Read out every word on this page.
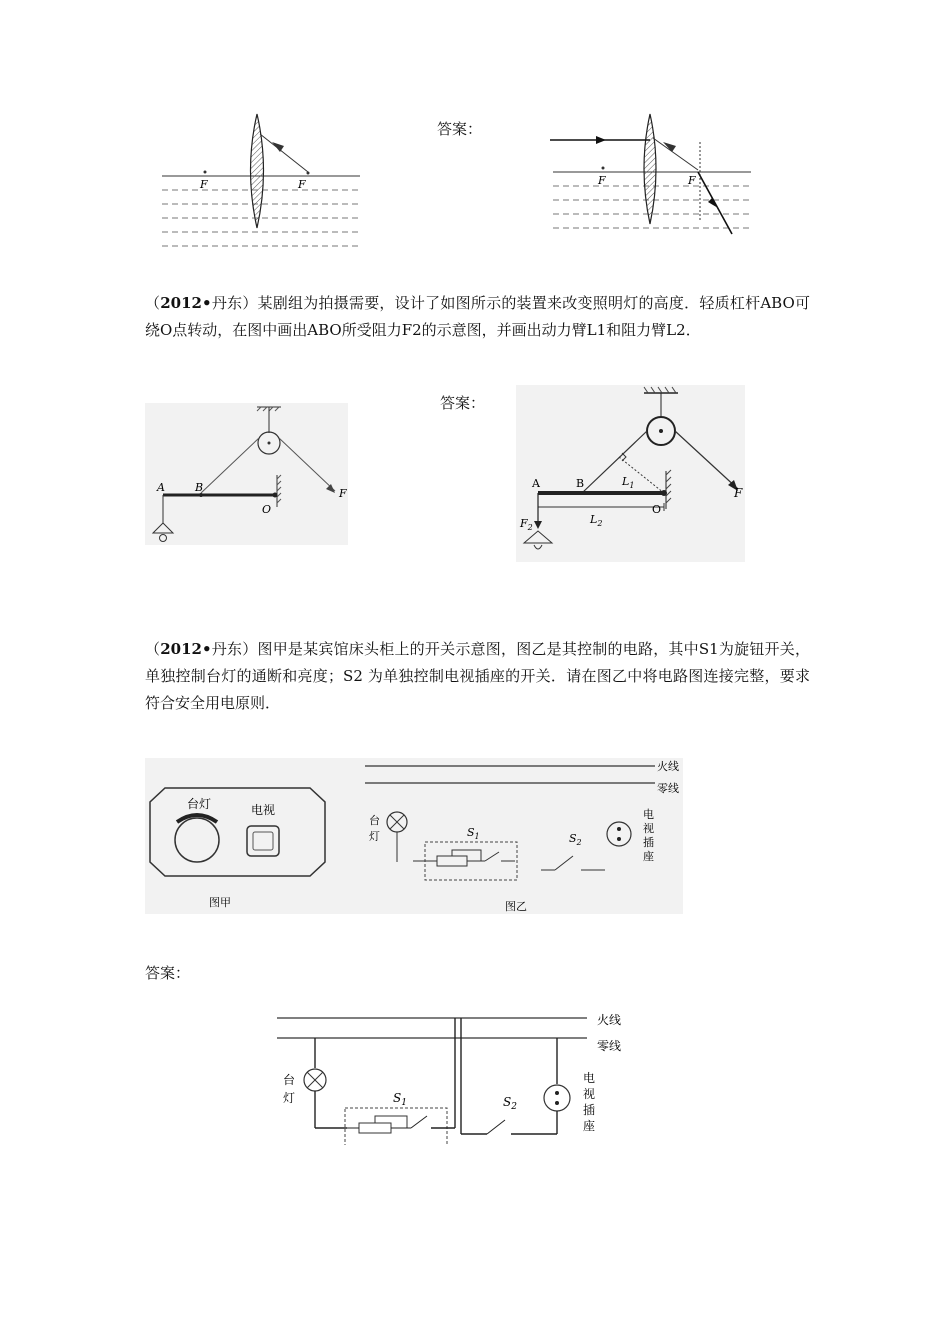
F	F
答案：
F	F
（2012•丹东）某剧组为拍摄需要，设计了如图所示的装置来改变照明灯的高度．轻质杠杆ABO可绕O点转动，在图中画出ABO所受阻力F2的示意图，并画出动力臂L1和阻力臂L2．
A	B
O
F
答案：
A	B
O
F
$F_2$
$L_1$
$L_2$
（2012•丹东）图甲是某宾馆床头柜上的开关示意图，图乙是其控制的电路，其中S1为旋钮开关，单独控制台灯的通断和亮度；S2 为单独控制电视插座的开关．请在图乙中将电路图连接完整，要求符合安全用电原则．
台灯	电视
图甲
火线
零线
台
灯	$S_1$	$S_2$
电
视
插
座
图乙
答案：
火线
零线
台
灯	$S_1$	$S_2$
电
视
插
座
